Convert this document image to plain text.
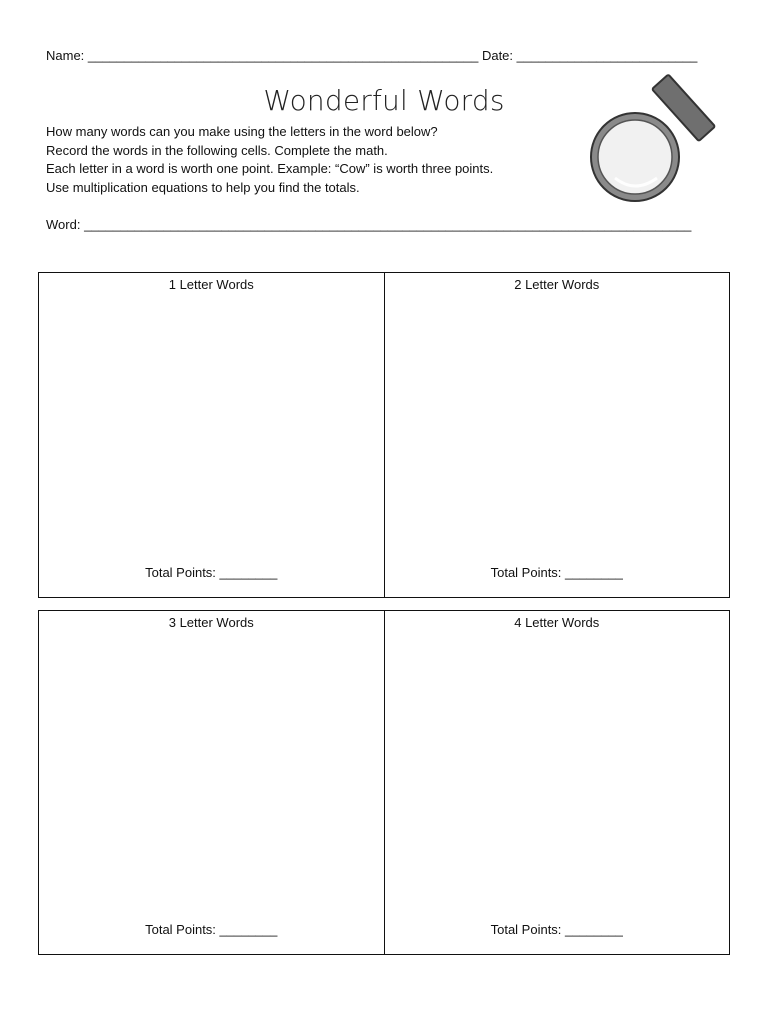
Name: ______________________________________________________ Date: _________________________
Wonderful Words
How many words can you make using the letters in the word below?
Record the words in the following cells. Complete the math.
Each letter in a word is worth one point. Example: “Cow” is worth three points.
Use multiplication equations to help you find the totals.
Word: ____________________________________________________________________________________
1 Letter Words
Total Points: ________
2 Letter Words
Total Points: ________
3 Letter Words
Total Points: ________
4 Letter Words
Total Points: ________
